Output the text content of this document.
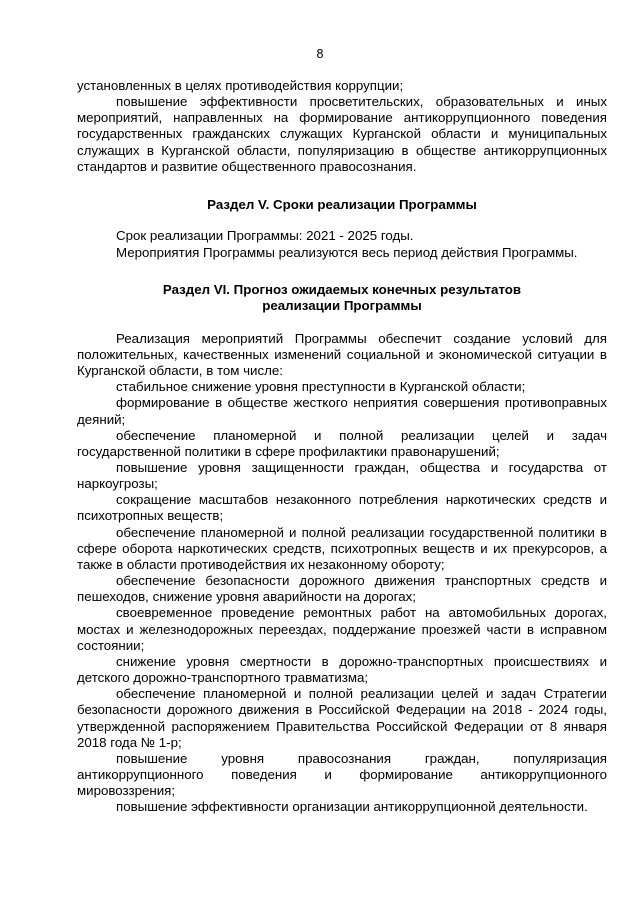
8

установленных в целях противодействия коррупции;

повышение эффективности просветительских, образовательных и иных мероприятий, направленных на формирование антикоррупционного поведения государственных гражданских служащих Курганской области и муниципальных служащих в Курганской области, популяризацию в обществе антикоррупционных стандартов и развитие общественного правосознания.

Раздел V. Сроки реализации Программы

Срок реализации Программы: 2021 - 2025 годы.

Мероприятия Программы реализуются весь период действия Программы.

Раздел VI. Прогноз ожидаемых конечных результатов

реализации Программы

Реализация мероприятий Программы обеспечит создание условий для положительных, качественных изменений социальной и экономической ситуации в Курганской области, в том числе:

стабильное снижение уровня преступности в Курганской области;

формирование в обществе жесткого неприятия совершения противоправных деяний;

обеспечение планомерной и полной реализации целей и задач государственной политики в сфере профилактики правонарушений;

повышение уровня защищенности граждан, общества и государства от наркоугрозы;

сокращение масштабов незаконного потребления наркотических средств и психотропных веществ;

обеспечение планомерной и полной реализации государственной политики в сфере оборота наркотических средств, психотропных веществ и их прекурсоров, а также в области противодействия их незаконному обороту;

обеспечение безопасности дорожного движения транспортных средств и пешеходов, снижение уровня аварийности на дорогах;

своевременное проведение ремонтных работ на автомобильных дорогах, мостах и железнодорожных переездах, поддержание проезжей части в исправном состоянии;

снижение уровня смертности в дорожно-транспортных происшествиях и детского дорожно-транспортного травматизма;

обеспечение планомерной и полной реализации целей и задач Стратегии безопасности дорожного движения в Российской Федерации на 2018 - 2024 годы, утвержденной распоряжением Правительства Российской Федерации от 8 января 2018 года № 1-р;

повышение уровня правосознания граждан, популяризация антикоррупционного поведения и формирование антикоррупционного мировоззрения;

повышение эффективности организации антикоррупционной деятельности.
